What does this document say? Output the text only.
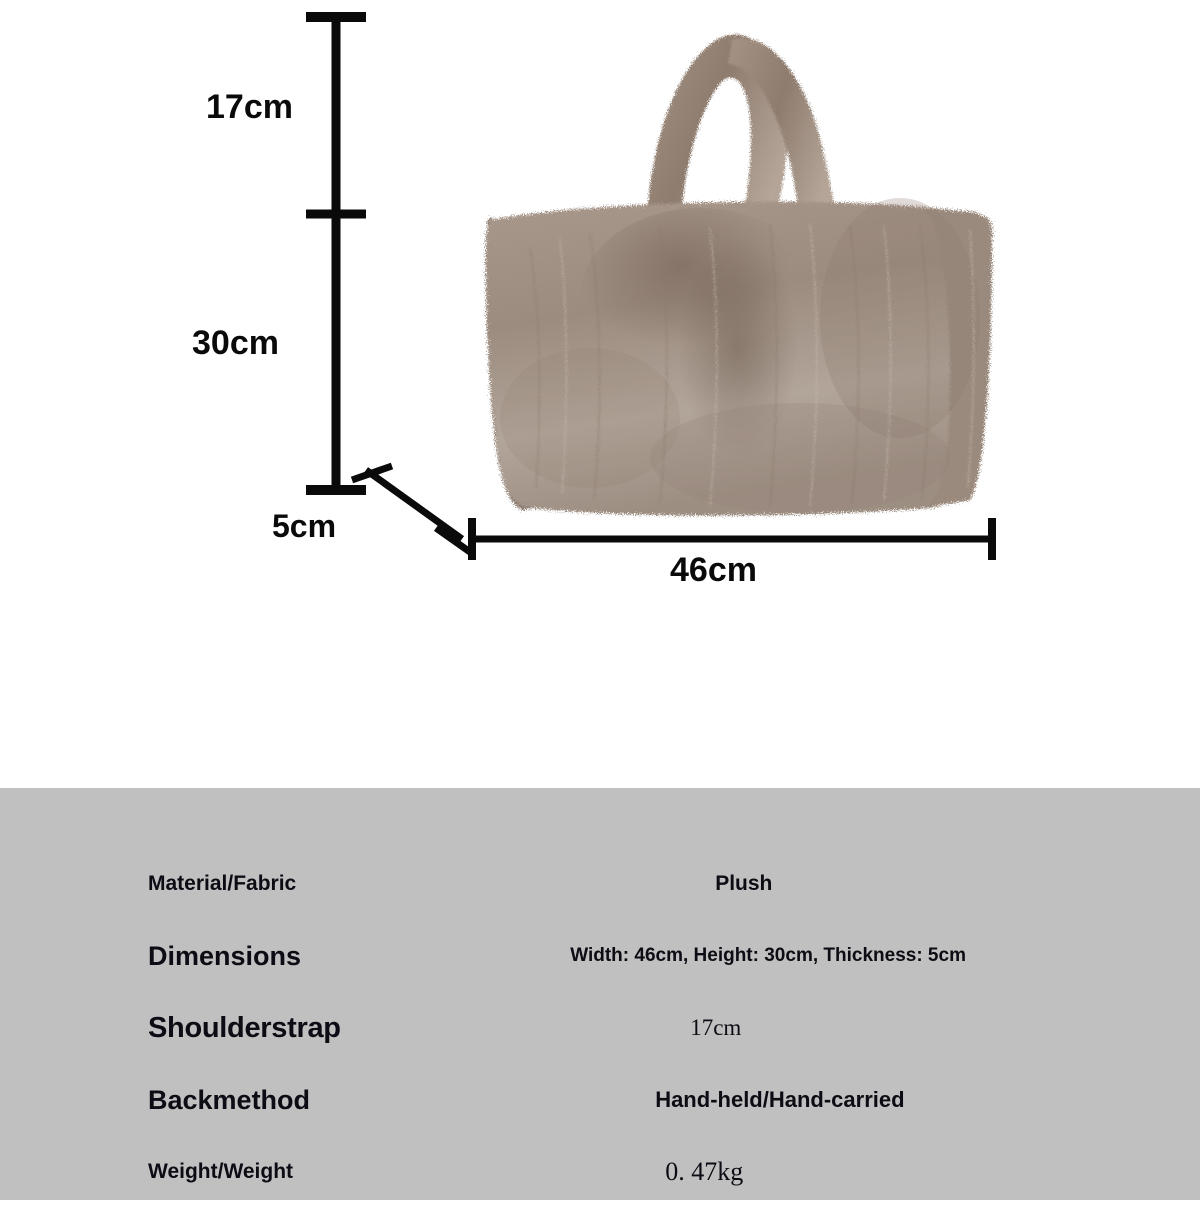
17cm
30cm
5cm
46cm
Material/Fabric	Plush
Dimensions	Width: 46cm, Height: 30cm, Thickness: 5cm
Shoulderstrap	17cm
Backmethod	Hand-held/Hand-carried
Weight/Weight	0. 47kg
